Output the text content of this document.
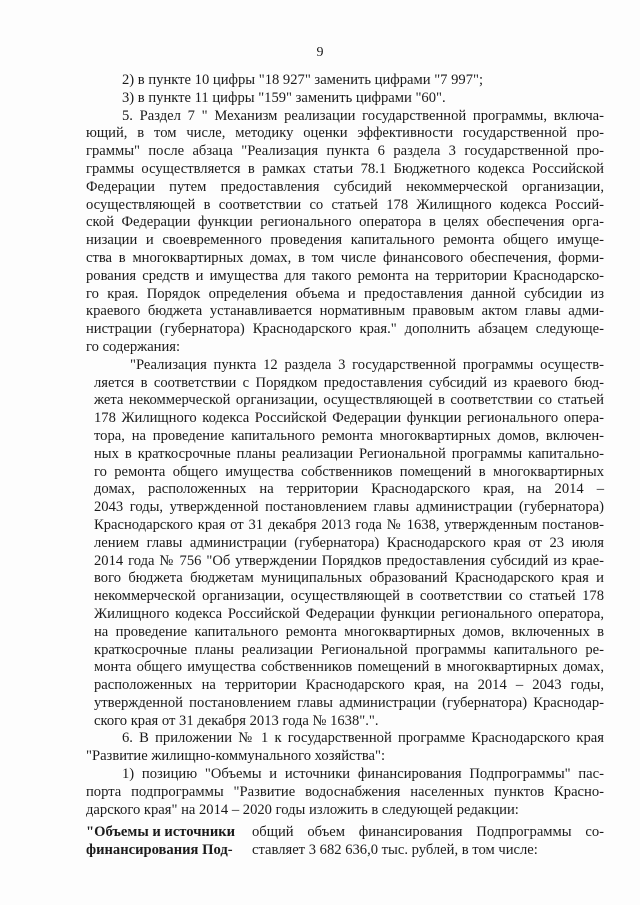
9
2) в пункте 10 цифры "18 927" заменить цифрами "7 997";
3) в пункте 11 цифры "159" заменить цифрами "60".
5. Раздел 7 " Механизм реализации государственной программы, включа-
ющий, в том числе, методику оценки эффективности государственной про-
граммы" после абзаца "Реализация пункта 6 раздела 3 государственной про-
граммы осуществляется в рамках статьи 78.1 Бюджетного кодекса Российской
Федерации путем предоставления субсидий некоммерческой организации,
осуществляющей в соответствии со статьей 178 Жилищного кодекса Россий-
ской Федерации функции регионального оператора в целях обеспечения орга-
низации и своевременного проведения капитального ремонта общего имуще-
ства в многоквартирных домах, в том числе финансового обеспечения, форми-
рования средств и имущества для такого ремонта на территории Краснодарско-
го края. Порядок определения объема и предоставления данной субсидии из
краевого бюджета устанавливается нормативным правовым актом главы адми-
нистрации (губернатора) Краснодарского края." дополнить абзацем следующе-
го содержания:
"Реализация пункта 12 раздела 3 государственной программы осуществ-
ляется в соответствии с Порядком предоставления субсидий из краевого бюд-
жета некоммерческой организации, осуществляющей в соответствии со статьей
178 Жилищного кодекса Российской Федерации функции регионального опера-
тора, на проведение капитального ремонта многоквартирных домов, включен-
ных в краткосрочные планы реализации Региональной программы капитально-
го ремонта общего имущества собственников помещений в многоквартирных
домах, расположенных на территории Краснодарского края, на 2014 –
2043 годы, утвержденной постановлением главы администрации (губернатора)
Краснодарского края от 31 декабря 2013 года № 1638, утвержденным постанов-
лением главы администрации (губернатора) Краснодарского края от 23 июля
2014 года № 756 "Об утверждении Порядков предоставления субсидий из крае-
вого бюджета бюджетам муниципальных образований Краснодарского края и
некоммерческой организации, осуществляющей в соответствии со статьей 178
Жилищного кодекса Российской Федерации функции регионального оператора,
на проведение капитального ремонта многоквартирных домов, включенных в
краткосрочные планы реализации Региональной программы капитального ре-
монта общего имущества собственников помещений в многоквартирных домах,
расположенных на территории Краснодарского края, на 2014 – 2043 годы,
утвержденной постановлением главы администрации (губернатора) Краснодар-
ского края от 31 декабря 2013 года № 1638".".
6. В приложении № 1 к государственной программе Краснодарского края
"Развитие жилищно-коммунального хозяйства":
1) позицию "Объемы и источники финансирования Подпрограммы" пас-
порта подпрограммы "Развитие водоснабжения населенных пунктов Красно-
дарского края" на 2014 – 2020 годы изложить в следующей редакции:
"Объемы и источники
финансирования Под-
общий объем финансирования Подпрограммы со-
ставляет 3 682 636,0 тыс. рублей, в том числе:
